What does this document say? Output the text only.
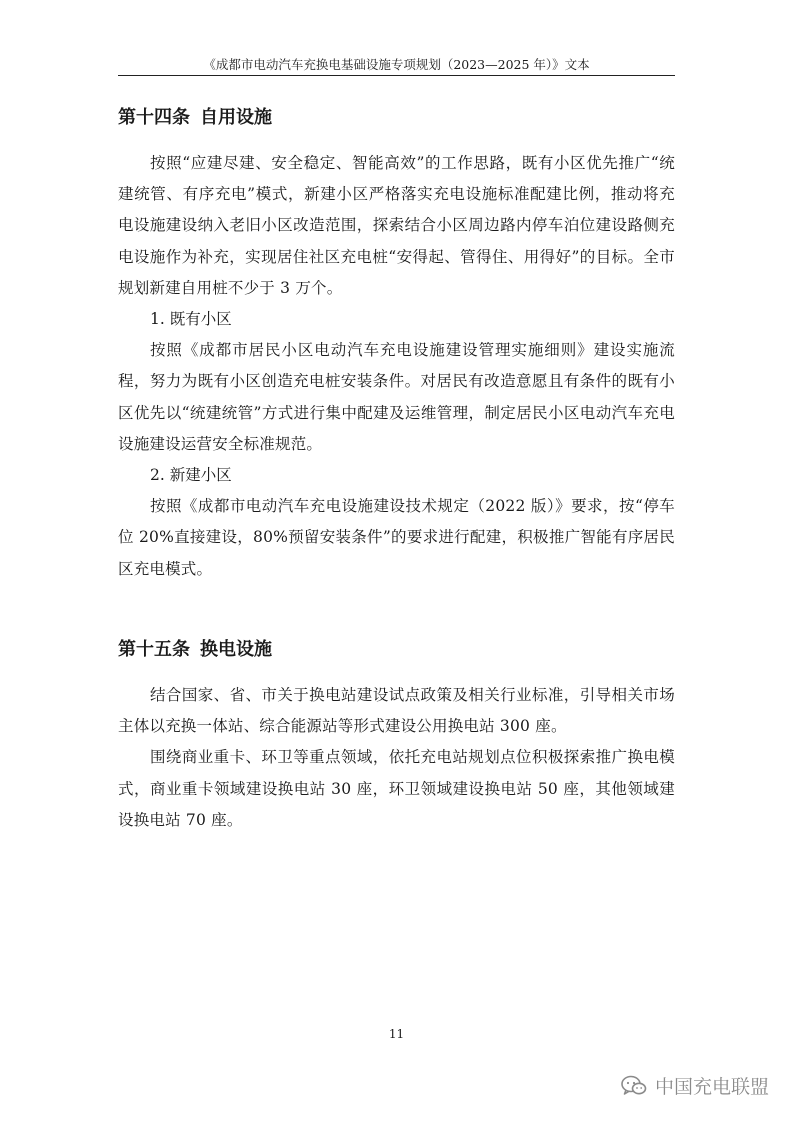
《成都市电动汽车充换电基础设施专项规划（2023—2025 年）》文本
第十四条 自用设施

按照“应建尽建、安全稳定、智能高效”的工作思路，既有小区优先推广“统建统管、有序充电”模式，新建小区严格落实充电设施标准配建比例，推动将充电设施建设纳入老旧小区改造范围，探索结合小区周边路内停车泊位建设路侧充电设施作为补充，实现居住社区充电桩“安得起、管得住、用得好”的目标。全市规划新建自用桩不少于 3 万个。

1. 既有小区

按照《成都市居民小区电动汽车充电设施建设管理实施细则》建设实施流程，努力为既有小区创造充电桩安装条件。对居民有改造意愿且有条件的既有小区优先以“统建统管”方式进行集中配建及运维管理，制定居民小区电动汽车充电设施建设运营安全标准规范。

2. 新建小区

按照《成都市电动汽车充电设施建设技术规定（2022 版）》要求，按“停车位 20%直接建设，80%预留安装条件”的要求进行配建，积极推广智能有序居民区充电模式。

第十五条 换电设施

结合国家、省、市关于换电站建设试点政策及相关行业标准，引导相关市场主体以充换一体站、综合能源站等形式建设公用换电站 300 座。

围绕商业重卡、环卫等重点领域，依托充电站规划点位积极探索推广换电模式，商业重卡领域建设换电站 30 座，环卫领域建设换电站 50 座，其他领域建设换电站 70 座。

11
中国充电联盟
